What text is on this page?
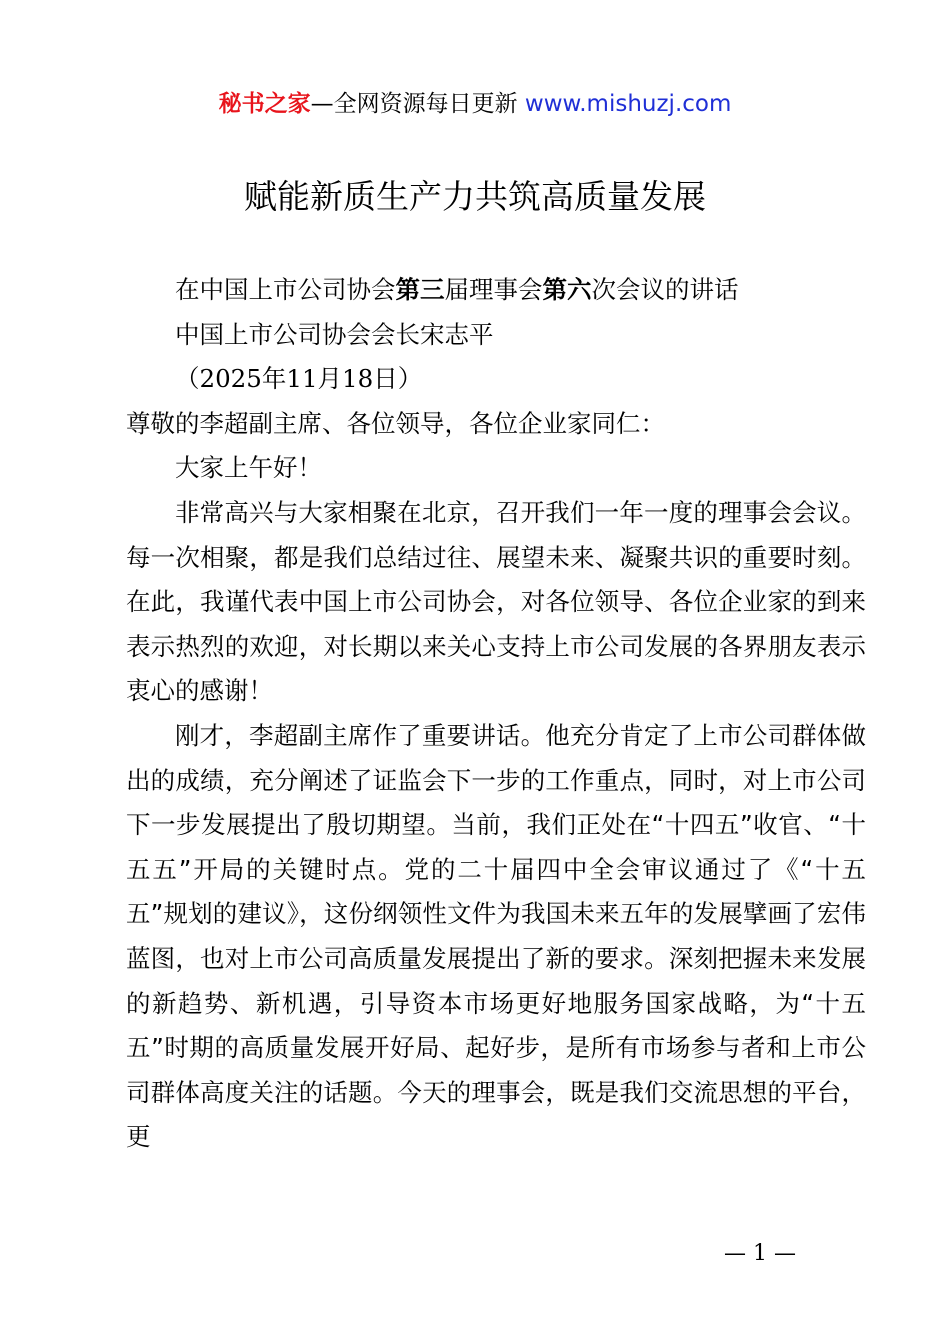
秘书之家—全网资源每日更新 www.mishuzj.com
赋能新质生产力共筑高质量发展

在中国上市公司协会第三届理事会第六次会议的讲话

中国上市公司协会会长宋志平

（2025年11月18日）

尊敬的李超副主席、各位领导，各位企业家同仁：

大家上午好！

非常高兴与大家相聚在北京，召开我们一年一度的理事会会议。每一次相聚，都是我们总结过往、展望未来、凝聚共识的重要时刻。在此，我谨代表中国上市公司协会，对各位领导、各位企业家的到来表示热烈的欢迎，对长期以来关心支持上市公司发展的各界朋友表示衷心的感谢！

刚才，李超副主席作了重要讲话。他充分肯定了上市公司群体做出的成绩，充分阐述了证监会下一步的工作重点，同时，对上市公司下一步发展提出了殷切期望。当前，我们正处在“十四五”收官、“十五五”开局的关键时点。党的二十届四中全会审议通过了《“十五五”规划的建议》，这份纲领性文件为我国未来五年的发展擘画了宏伟蓝图，也对上市公司高质量发展提出了新的要求。深刻把握未来发展的新趋势、新机遇，引导资本市场更好地服务国家战略，为“十五五”时期的高质量发展开好局、起好步，是所有市场参与者和上市公司群体高度关注的话题。今天的理事会，既是我们交流思想的平台，更

— 1 —
